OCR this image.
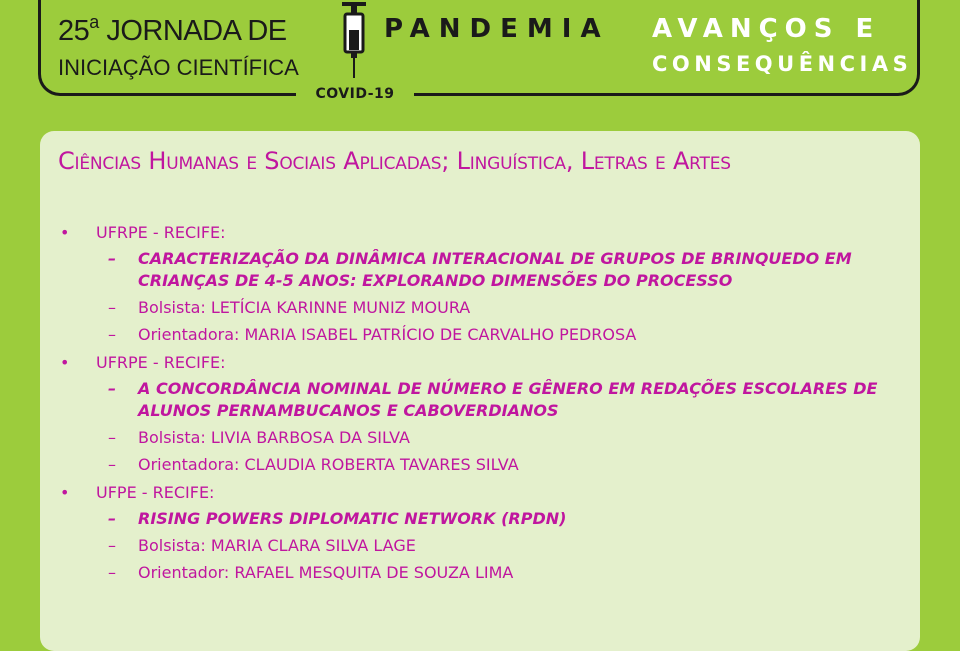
COVID-19
25$^a$ JORNADA DE
INICIAÇÃO CIENTÍFICA
PANDEMIA AVANÇOS E
CONSEQUÊNCIAS
Ciências Humanas e Sociais Aplicadas; Linguística, Letras e Artes
• UFRPE - RECIFE:
– CARACTERIZAÇÃO DA DINÂMICA INTERACIONAL DE GRUPOS DE BRINQUEDO EM CRIANÇAS DE 4-5 ANOS: EXPLORANDO DIMENSÕES DO PROCESSO
– Bolsista: LETÍCIA KARINNE MUNIZ MOURA
– Orientadora: MARIA ISABEL PATRÍCIO DE CARVALHO PEDROSA
• UFRPE - RECIFE:
– A CONCORDÂNCIA NOMINAL DE NÚMERO E GÊNERO EM REDAÇÕES ESCOLARES DE ALUNOS PERNAMBUCANOS E CABOVERDIANOS
– Bolsista: LIVIA BARBOSA DA SILVA
– Orientadora: CLAUDIA ROBERTA TAVARES SILVA
• UFPE - RECIFE:
– RISING POWERS DIPLOMATIC NETWORK (RPDN)
– Bolsista: MARIA CLARA SILVA LAGE
– Orientador: RAFAEL MESQUITA DE SOUZA LIMA
